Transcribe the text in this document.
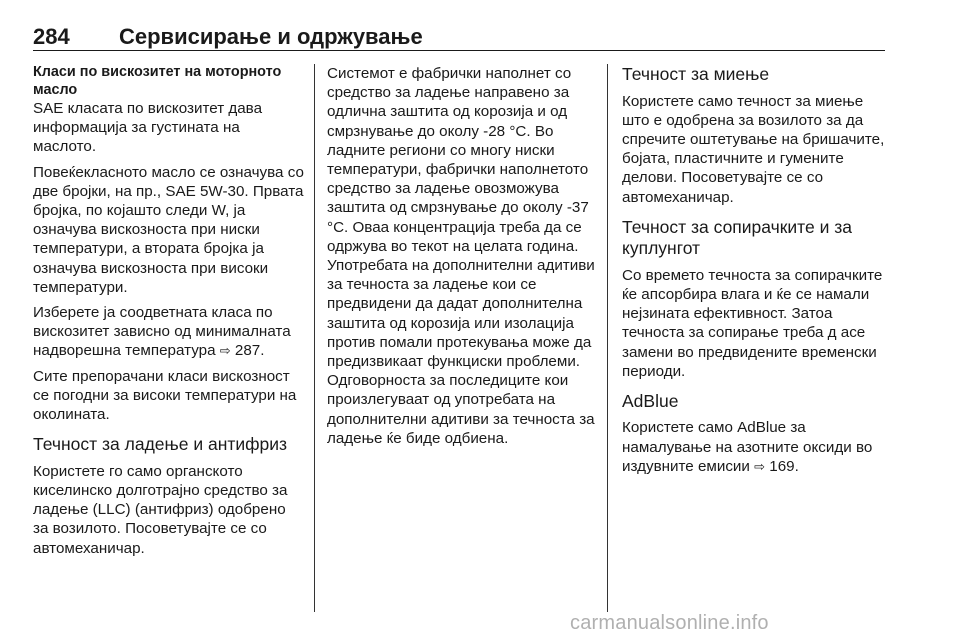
284 Сервисирање и одржување

Класи по вискозитет на моторното масло

SAE класата по вискозитет дава информација за густината на маслото.

Повеќекласното масло се означува со две бројки, на пр., SAE 5W-30. Првата бројка, по којашто следи W, ја означува вискозноста при ниски температури, а втората бројка ја означува вискозноста при високи температури.

Изберете ја соодветната класа по вискозитет зависно од минималната надворешна температура ⇨ 287.

Сите препорачани класи вискозност се погодни за високи температури на околината.

Течност за ладење и антифриз

Користете го само органското киселинско долготрајно средство за ладење (LLC) (антифриз) одобрено за возилото. Посоветувајте се со автомеханичар.

Системот е фабрички наполнет со средство за ладење направено за одлична заштита од корозија и од смрзнување до околу -28 °C. Во ладните региони со многу ниски температури, фабрички наполнетото средство за ладење овозможува заштита од смрзнување до околу -37 °C. Оваа концентрација треба да се одржува во текот на целата година. Употребата на дополнителни адитиви за течноста за ладење кои се предвидени да дадат дополнителна заштита од корозија или изолација против помали протекувања може да предизвикаат функциски проблеми. Одговорноста за последиците кои произлегуваат од употребата на дополнителни адитиви за течноста за ладење ќе биде одбиена.

Течност за миење

Користете само течност за миење што е одобрена за возилото за да спречите оштетување на бришачите, бојата, пластичните и гумените делови. Посоветувајте се со автомеханичар.

Течност за сопирачките и за куплунгот

Со времето течноста за сопирачките ќе апсорбира влага и ќе се намали нејзината ефективност. Затоа течноста за сопирање треба д асе замени во предвидените временски периоди.

AdBlue

Користете само AdBlue за намалување на азотните оксиди во издувните емисии ⇨ 169.

carmanualsonline.info
